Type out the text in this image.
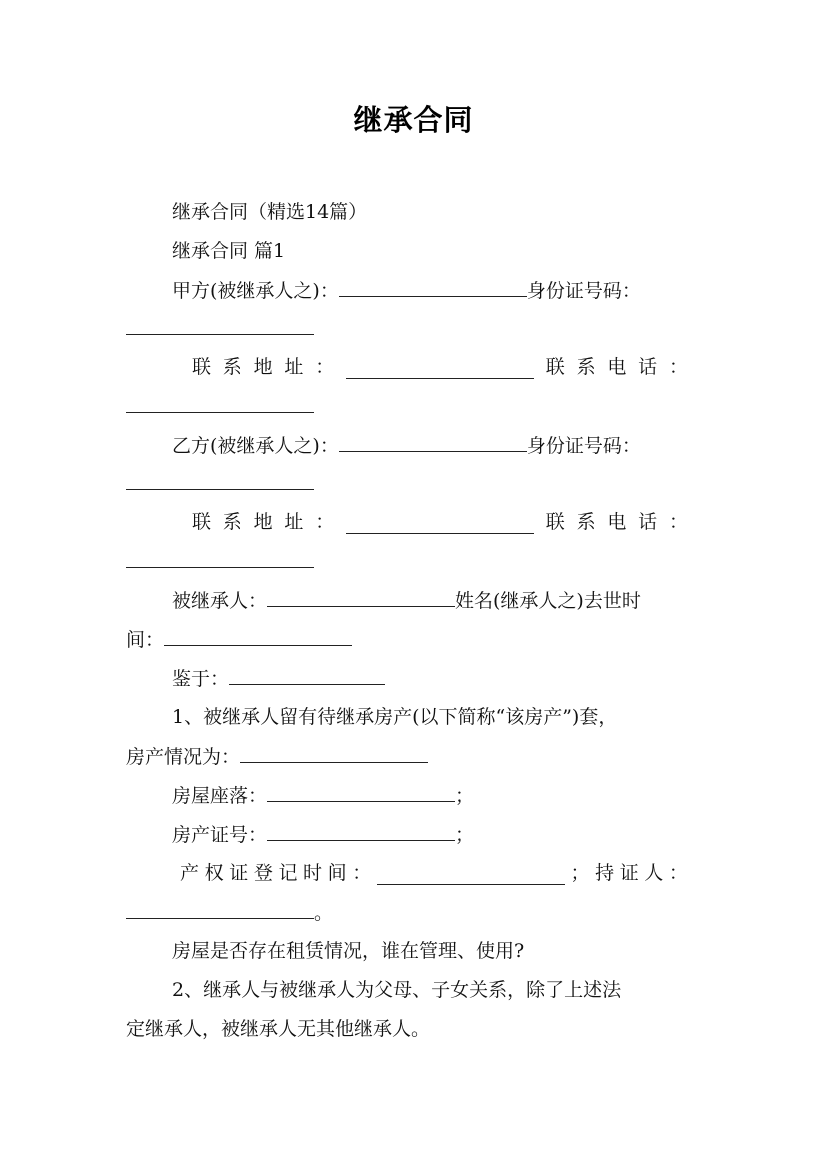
继承合同
继承合同（精选14篇）
继承合同 篇1
甲方(被继承人之)：	身份证号码：
联 系 地 址 ：	联 系 电 话 ：
乙方(被继承人之)：	身份证号码：
联 系 地 址 ：	联 系 电 话 ：
被继承人：	姓名(继承人之)去世时
间：
鉴于：
1、被继承人留有待继承房产(以下简称“该房产”)套，
房产情况为：
房屋座落：	；
房产证号：	；
产 权 证 登 记 时 间 ：	； 持 证 人 ：
。
房屋是否存在租赁情况，谁在管理、使用?
2、继承人与被继承人为父母、子女关系，除了上述法
定继承人，被继承人无其他继承人。
